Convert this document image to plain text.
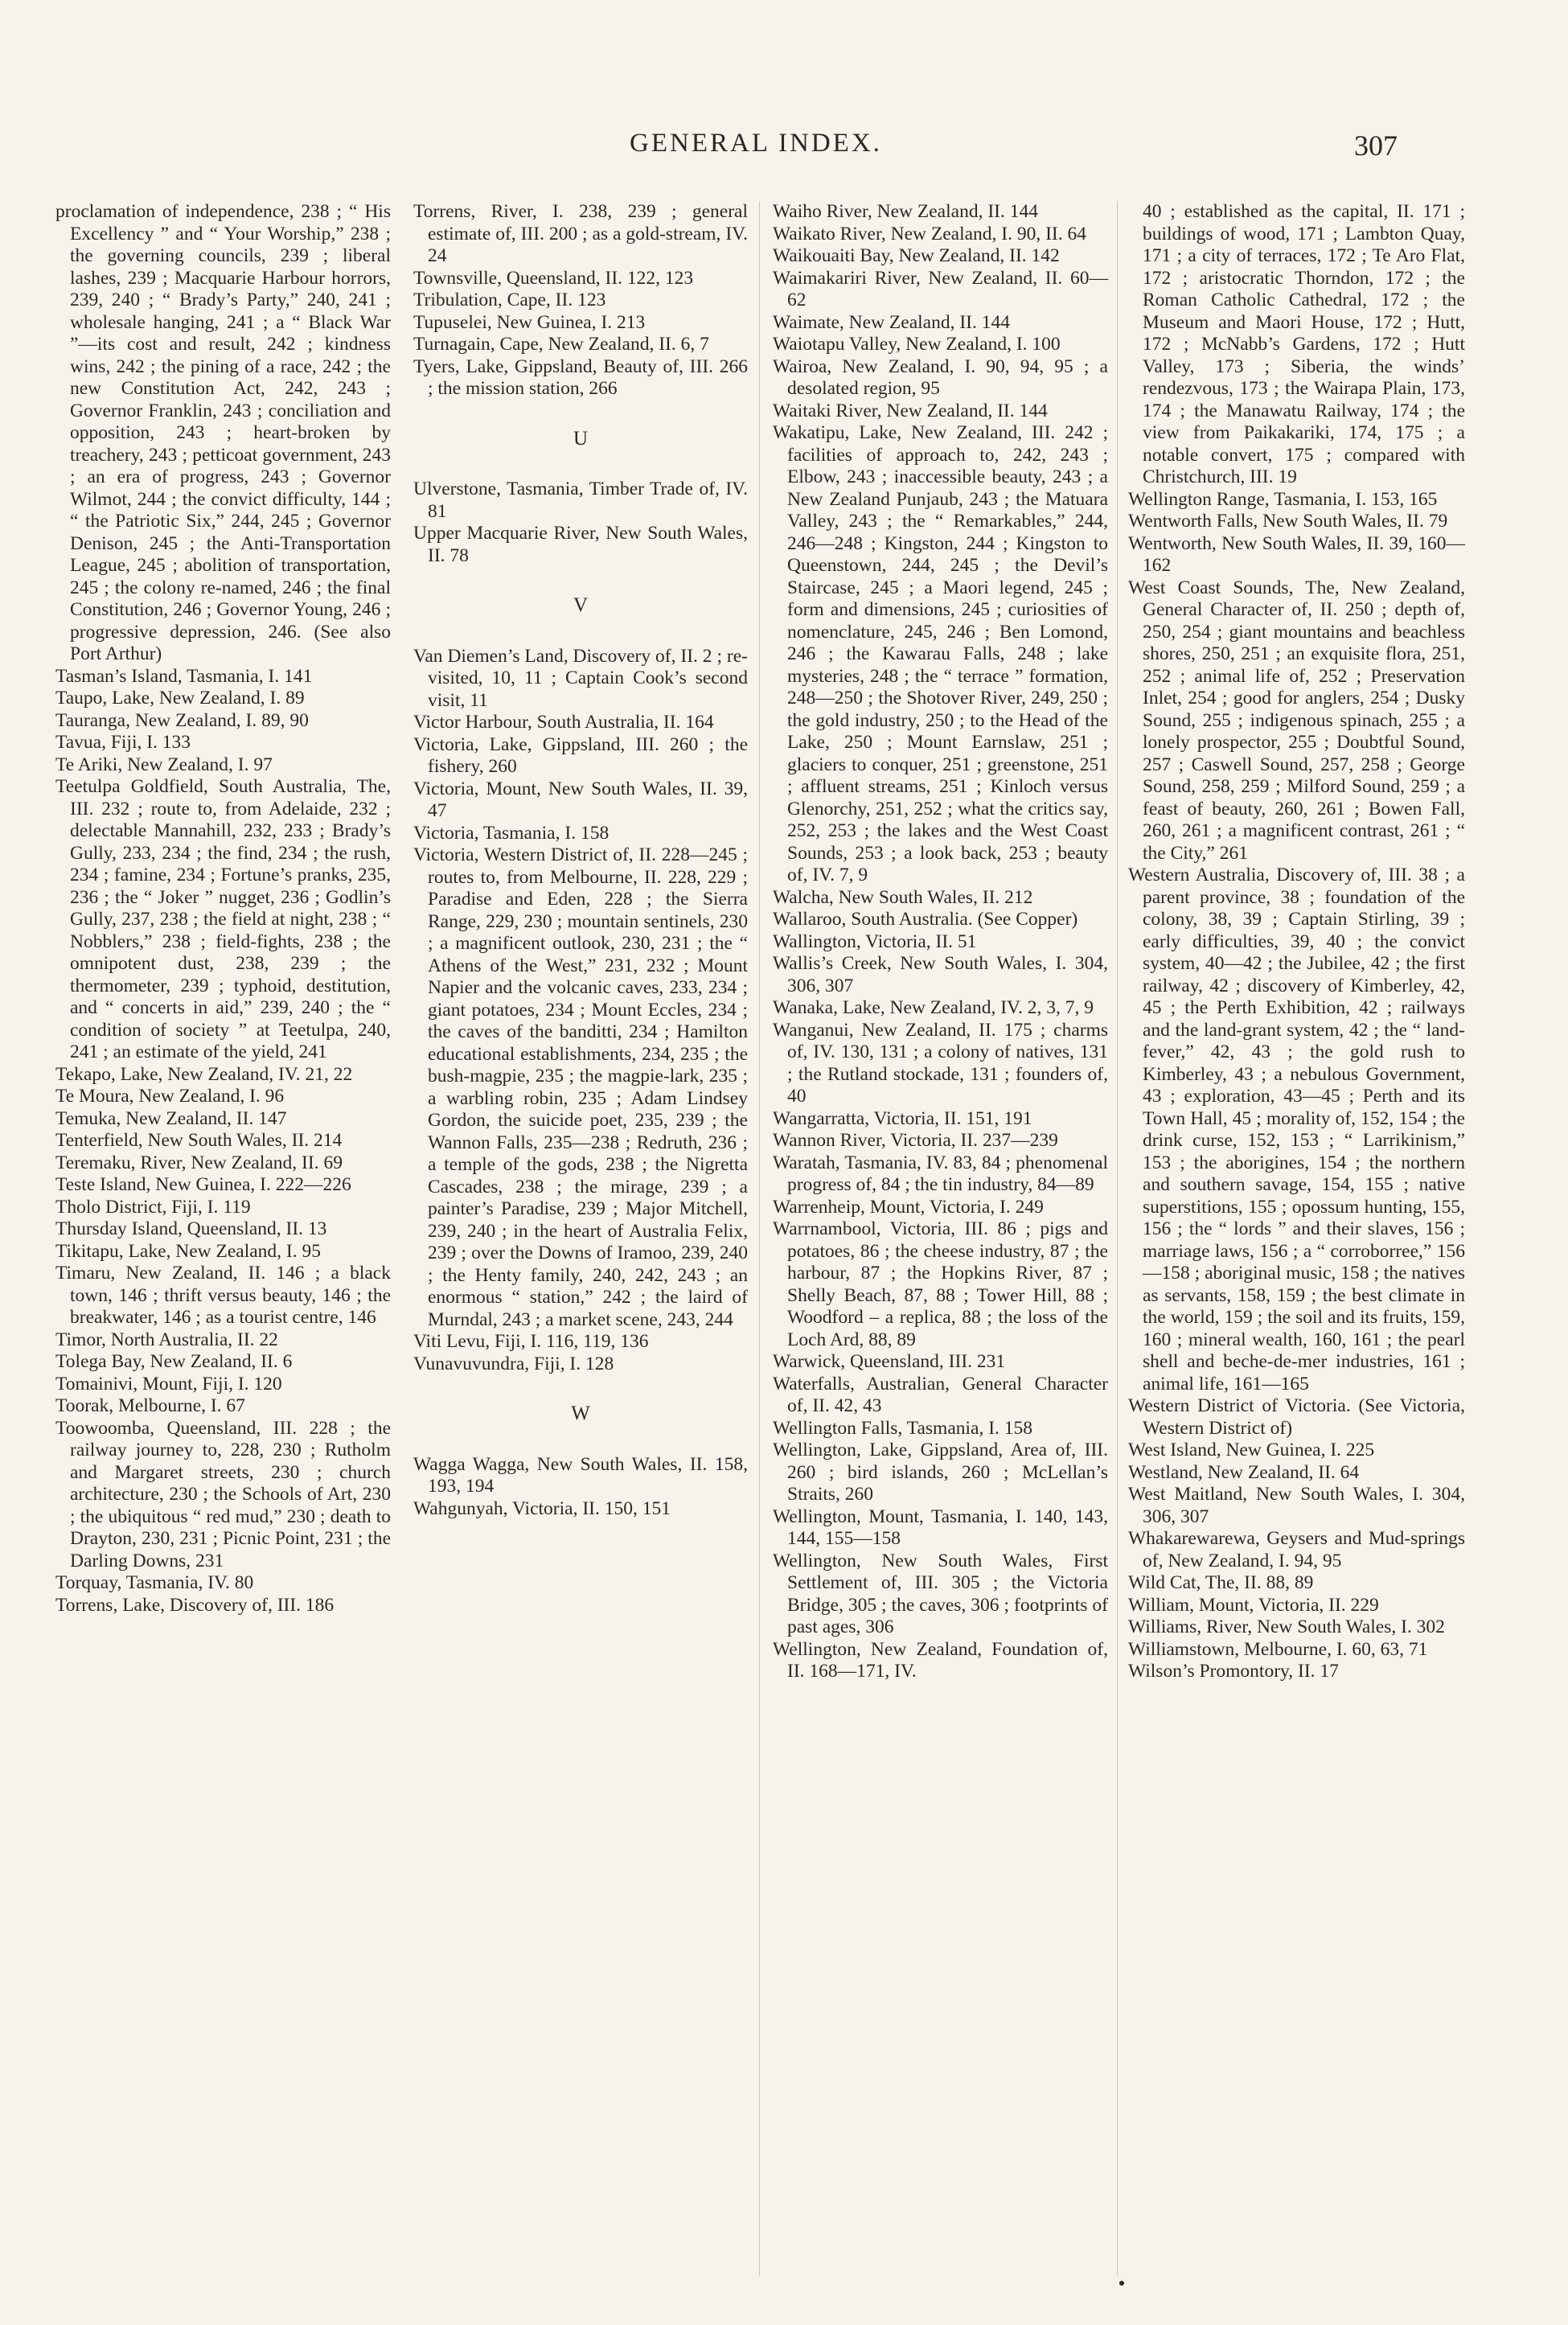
GENERAL INDEX.	307

proclamation of independence, 238 ; “ His Excellency ” and “ Your Worship,” 238 ; the governing councils, 239 ; liberal lashes, 239 ; Macquarie Harbour horrors, 239, 240 ; “ Brady’s Party,” 240, 241 ; wholesale hanging, 241 ; a “ Black War ”—its cost and result, 242 ; kindness wins, 242 ; the pining of a race, 242 ; the new Constitution Act, 242, 243 ; Governor Franklin, 243 ; conciliation and opposition, 243 ; heart-broken by treachery, 243 ; petticoat government, 243 ; an era of progress, 243 ; Governor Wilmot, 244 ; the convict difficulty, 144 ; “ the Patriotic Six,” 244, 245 ; Governor Denison, 245 ; the Anti-Transportation League, 245 ; abolition of transportation, 245 ; the colony re-named, 246 ; the final Constitution, 246 ; Governor Young, 246 ; progressive depression, 246. (See also Port Arthur)

Tasman’s Island, Tasmania, I. 141

Taupo, Lake, New Zealand, I. 89

Tauranga, New Zealand, I. 89, 90

Tavua, Fiji, I. 133

Te Ariki, New Zealand, I. 97

Teetulpa Goldfield, South Australia, The, III. 232 ; route to, from Adelaide, 232 ; delectable Mannahill, 232, 233 ; Brady’s Gully, 233, 234 ; the find, 234 ; the rush, 234 ; famine, 234 ; Fortune’s pranks, 235, 236 ; the “ Joker ” nugget, 236 ; Godlin’s Gully, 237, 238 ; the field at night, 238 ; “ Nobblers,” 238 ; field-fights, 238 ; the omnipotent dust, 238, 239 ; the thermometer, 239 ; typhoid, destitution, and “ concerts in aid,” 239, 240 ; the “ condition of society ” at Teetulpa, 240, 241 ; an estimate of the yield, 241

Tekapo, Lake, New Zealand, IV. 21, 22

Te Moura, New Zealand, I. 96

Temuka, New Zealand, II. 147

Tenterfield, New South Wales, II. 214

Teremaku, River, New Zealand, II. 69

Teste Island, New Guinea, I. 222—226

Tholo District, Fiji, I. 119

Thursday Island, Queensland, II. 13

Tikitapu, Lake, New Zealand, I. 95

Timaru, New Zealand, II. 146 ; a black town, 146 ; thrift versus beauty, 146 ; the breakwater, 146 ; as a tourist centre, 146

Timor, North Australia, II. 22

Tolega Bay, New Zealand, II. 6

Tomainivi, Mount, Fiji, I. 120

Toorak, Melbourne, I. 67

Toowoomba, Queensland, III. 228 ; the railway journey to, 228, 230 ; Rutholm and Margaret streets, 230 ; church architecture, 230 ; the Schools of Art, 230 ; the ubiquitous “ red mud,” 230 ; death to Drayton, 230, 231 ; Picnic Point, 231 ; the Darling Downs, 231

Torquay, Tasmania, IV. 80

Torrens, Lake, Discovery of, III. 186

Torrens, River, I. 238, 239 ; general estimate of, III. 200 ; as a gold-stream, IV. 24

Townsville, Queensland, II. 122, 123

Tribulation, Cape, II. 123

Tupuselei, New Guinea, I. 213

Turnagain, Cape, New Zealand, II. 6, 7

Tyers, Lake, Gippsland, Beauty of, III. 266 ; the mission station, 266

U

Ulverstone, Tasmania, Timber Trade of, IV. 81

Upper Macquarie River, New South Wales, II. 78

V

Van Diemen’s Land, Discovery of, II. 2 ; re-visited, 10, 11 ; Captain Cook’s second visit, 11

Victor Harbour, South Australia, II. 164

Victoria, Lake, Gippsland, III. 260 ; the fishery, 260

Victoria, Mount, New South Wales, II. 39, 47

Victoria, Tasmania, I. 158

Victoria, Western District of, II. 228—245 ; routes to, from Melbourne, II. 228, 229 ; Paradise and Eden, 228 ; the Sierra Range, 229, 230 ; mountain sentinels, 230 ; a magnificent outlook, 230, 231 ; the “ Athens of the West,” 231, 232 ; Mount Napier and the volcanic caves, 233, 234 ; giant potatoes, 234 ; Mount Eccles, 234 ; the caves of the banditti, 234 ; Hamilton educational establishments, 234, 235 ; the bush-magpie, 235 ; the magpie-lark, 235 ; a warbling robin, 235 ; Adam Lindsey Gordon, the suicide poet, 235, 239 ; the Wannon Falls, 235—238 ; Redruth, 236 ; a temple of the gods, 238 ; the Nigretta Cascades, 238 ; the mirage, 239 ; a painter’s Paradise, 239 ; Major Mitchell, 239, 240 ; in the heart of Australia Felix, 239 ; over the Downs of Iramoo, 239, 240 ; the Henty family, 240, 242, 243 ; an enormous “ station,” 242 ; the laird of Murndal, 243 ; a market scene, 243, 244

Viti Levu, Fiji, I. 116, 119, 136

Vunavuvundra, Fiji, I. 128

W

Wagga Wagga, New South Wales, II. 158, 193, 194

Wahgunyah, Victoria, II. 150, 151

Waiho River, New Zealand, II. 144

Waikato River, New Zealand, I. 90, II. 64

Waikouaiti Bay, New Zealand, II. 142

Waimakariri River, New Zealand, II. 60—62

Waimate, New Zealand, II. 144

Waiotapu Valley, New Zealand, I. 100

Wairoa, New Zealand, I. 90, 94, 95 ; a desolated region, 95

Waitaki River, New Zealand, II. 144

Wakatipu, Lake, New Zealand, III. 242 ; facilities of approach to, 242, 243 ; Elbow, 243 ; inaccessible beauty, 243 ; a New Zealand Punjaub, 243 ; the Matuara Valley, 243 ; the “ Remarkables,” 244, 246—248 ; Kingston, 244 ; Kingston to Queenstown, 244, 245 ; the Devil’s Staircase, 245 ; a Maori legend, 245 ; form and dimensions, 245 ; curiosities of nomenclature, 245, 246 ; Ben Lomond, 246 ; the Kawarau Falls, 248 ; lake mysteries, 248 ; the “ terrace ” formation, 248—250 ; the Shotover River, 249, 250 ; the gold industry, 250 ; to the Head of the Lake, 250 ; Mount Earnslaw, 251 ; glaciers to conquer, 251 ; greenstone, 251 ; affluent streams, 251 ; Kinloch versus Glenorchy, 251, 252 ; what the critics say, 252, 253 ; the lakes and the West Coast Sounds, 253 ; a look back, 253 ; beauty of, IV. 7, 9

Walcha, New South Wales, II. 212

Wallaroo, South Australia. (See Copper)

Wallington, Victoria, II. 51

Wallis’s Creek, New South Wales, I. 304, 306, 307

Wanaka, Lake, New Zealand, IV. 2, 3, 7, 9

Wanganui, New Zealand, II. 175 ; charms of, IV. 130, 131 ; a colony of natives, 131 ; the Rutland stockade, 131 ; founders of, 40

Wangarratta, Victoria, II. 151, 191

Wannon River, Victoria, II. 237—239

Waratah, Tasmania, IV. 83, 84 ; phenomenal progress of, 84 ; the tin industry, 84—89

Warrenheip, Mount, Victoria, I. 249

Warrnambool, Victoria, III. 86 ; pigs and potatoes, 86 ; the cheese industry, 87 ; the harbour, 87 ; the Hopkins River, 87 ; Shelly Beach, 87, 88 ; Tower Hill, 88 ; Woodford – a replica, 88 ; the loss of the Loch Ard, 88, 89

Warwick, Queensland, III. 231

Waterfalls, Australian, General Character of, II. 42, 43

Wellington Falls, Tasmania, I. 158

Wellington, Lake, Gippsland, Area of, III. 260 ; bird islands, 260 ; McLellan’s Straits, 260

Wellington, Mount, Tasmania, I. 140, 143, 144, 155—158

Wellington, New South Wales, First Settlement of, III. 305 ; the Victoria Bridge, 305 ; the caves, 306 ; footprints of past ages, 306

Wellington, New Zealand, Foundation of, II. 168—171, IV.

40 ; established as the capital, II. 171 ; buildings of wood, 171 ; Lambton Quay, 171 ; a city of terraces, 172 ; Te Aro Flat, 172 ; aristocratic Thorndon, 172 ; the Roman Catholic Cathedral, 172 ; the Museum and Maori House, 172 ; Hutt, 172 ; McNabb’s Gardens, 172 ; Hutt Valley, 173 ; Siberia, the winds’ rendezvous, 173 ; the Wairapa Plain, 173, 174 ; the Manawatu Railway, 174 ; the view from Paikakariki, 174, 175 ; a notable convert, 175 ; compared with Christchurch, III. 19

Wellington Range, Tasmania, I. 153, 165

Wentworth Falls, New South Wales, II. 79

Wentworth, New South Wales, II. 39, 160—162

West Coast Sounds, The, New Zealand, General Character of, II. 250 ; depth of, 250, 254 ; giant mountains and beachless shores, 250, 251 ; an exquisite flora, 251, 252 ; animal life of, 252 ; Preservation Inlet, 254 ; good for anglers, 254 ; Dusky Sound, 255 ; indigenous spinach, 255 ; a lonely prospector, 255 ; Doubtful Sound, 257 ; Caswell Sound, 257, 258 ; George Sound, 258, 259 ; Milford Sound, 259 ; a feast of beauty, 260, 261 ; Bowen Fall, 260, 261 ; a magnificent contrast, 261 ; “ the City,” 261

Western Australia, Discovery of, III. 38 ; a parent province, 38 ; foundation of the colony, 38, 39 ; Captain Stirling, 39 ; early difficulties, 39, 40 ; the convict system, 40—42 ; the Jubilee, 42 ; the first railway, 42 ; discovery of Kimberley, 42, 45 ; the Perth Exhibition, 42 ; railways and the land-grant system, 42 ; the “ land-fever,” 42, 43 ; the gold rush to Kimberley, 43 ; a nebulous Government, 43 ; exploration, 43—45 ; Perth and its Town Hall, 45 ; morality of, 152, 154 ; the drink curse, 152, 153 ; “ Larrikinism,” 153 ; the aborigines, 154 ; the northern and southern savage, 154, 155 ; native superstitions, 155 ; opossum hunting, 155, 156 ; the “ lords ” and their slaves, 156 ; marriage laws, 156 ; a “ corroborree,” 156—158 ; aboriginal music, 158 ; the natives as servants, 158, 159 ; the best climate in the world, 159 ; the soil and its fruits, 159, 160 ; mineral wealth, 160, 161 ; the pearl shell and beche-de-mer industries, 161 ; animal life, 161—165

Western District of Victoria. (See Victoria, Western District of)

West Island, New Guinea, I. 225

Westland, New Zealand, II. 64

West Maitland, New South Wales, I. 304, 306, 307

Whakarewarewa, Geysers and Mud-springs of, New Zealand, I. 94, 95

Wild Cat, The, II. 88, 89

William, Mount, Victoria, II. 229

Williams, River, New South Wales, I. 302

Williamstown, Melbourne, I. 60, 63, 71

Wilson’s Promontory, II. 17
